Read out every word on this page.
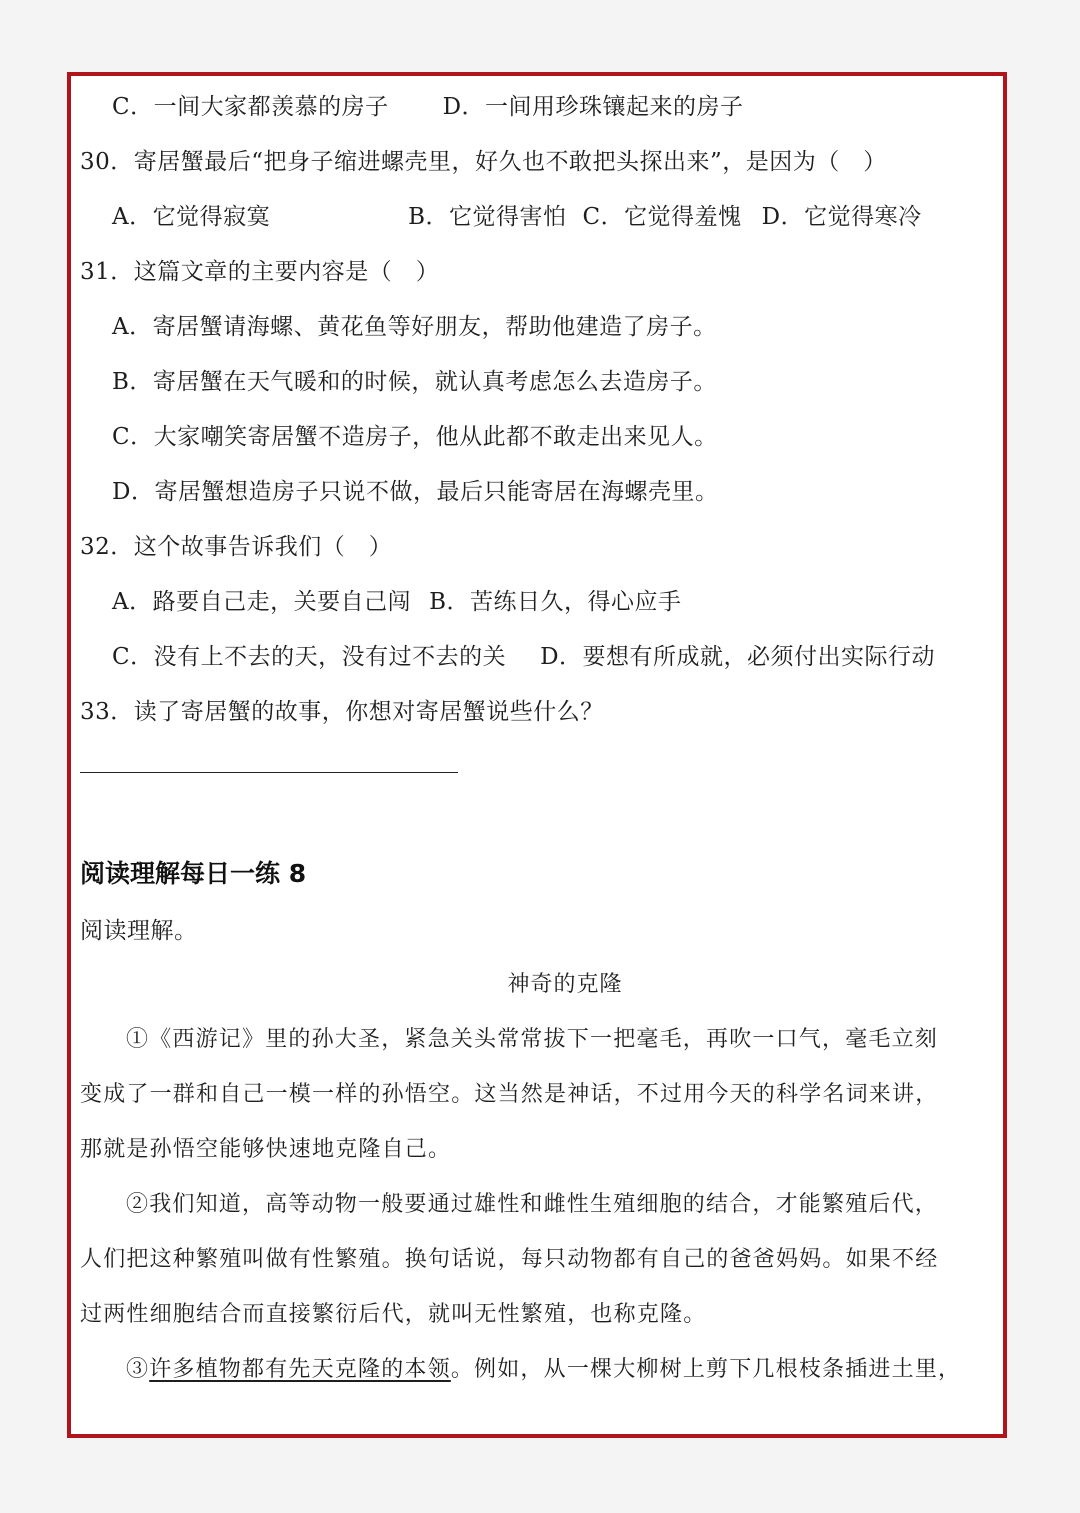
C．一间大家都羡慕的房子 D．一间用珍珠镶起来的房子
30．寄居蟹最后“把身子缩进螺壳里，好久也不敢把头探出来”，是因为（　）
A．它觉得寂寞	B．它觉得害怕 C．它觉得羞愧 D．它觉得寒冷
31．这篇文章的主要内容是（　）
A．寄居蟹请海螺、黄花鱼等好朋友，帮助他建造了房子。
B．寄居蟹在天气暖和的时候，就认真考虑怎么去造房子。
C．大家嘲笑寄居蟹不造房子，他从此都不敢走出来见人。
D．寄居蟹想造房子只说不做，最后只能寄居在海螺壳里。
32．这个故事告诉我们（　）
A．路要自己走，关要自己闯 B．苦练日久，得心应手
C．没有上不去的天，没有过不去的关 D．要想有所成就，必须付出实际行动
33．读了寄居蟹的故事，你想对寄居蟹说些什么？
阅读理解每日一练 8
阅读理解。
神奇的克隆
①《西游记》里的孙大圣，紧急关头常常拔下一把毫毛，再吹一口气，毫毛立刻
变成了一群和自己一模一样的孙悟空。这当然是神话，不过用今天的科学名词来讲，
那就是孙悟空能够快速地克隆自己。
②我们知道，高等动物一般要通过雄性和雌性生殖细胞的结合，才能繁殖后代，
人们把这种繁殖叫做有性繁殖。换句话说，每只动物都有自己的爸爸妈妈。如果不经
过两性细胞结合而直接繁衍后代，就叫无性繁殖，也称克隆。
③许多植物都有先天克隆的本领。例如，从一棵大柳树上剪下几根枝条插进土里，
